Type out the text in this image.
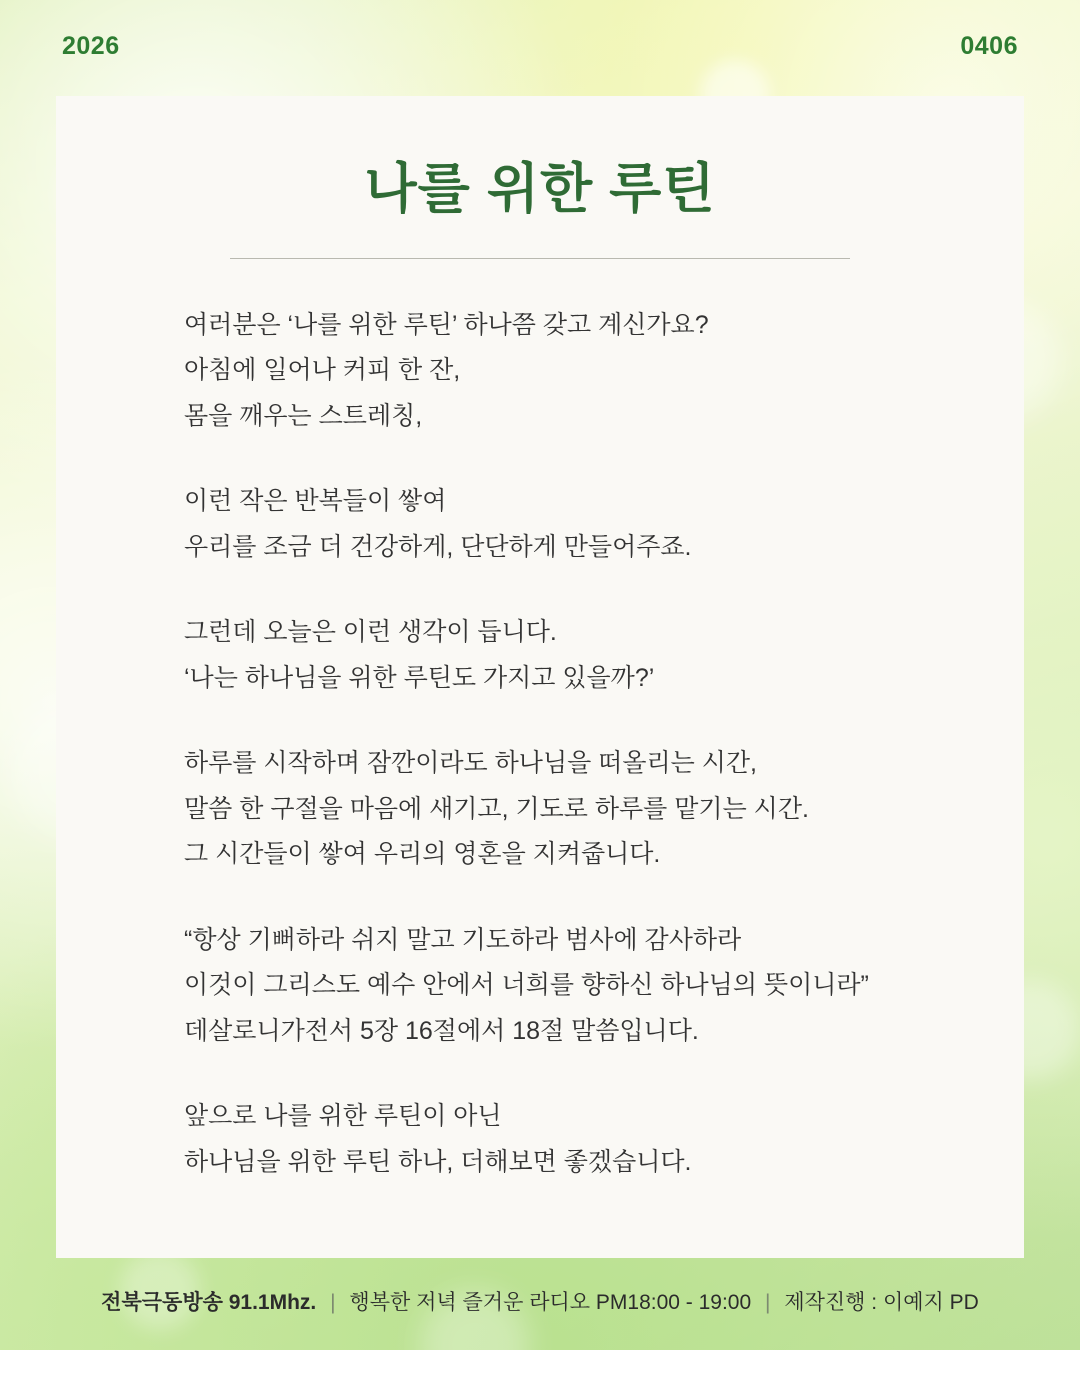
2026	0406
나를 위한 루틴
여러분은 ‘나를 위한 루틴’ 하나쯤 갖고 계신가요?
아침에 일어나 커피 한 잔,
몸을 깨우는 스트레칭,
이런 작은 반복들이 쌓여
우리를 조금 더 건강하게, 단단하게 만들어주죠.
그런데 오늘은 이런 생각이 듭니다.
‘나는 하나님을 위한 루틴도 가지고 있을까?’
하루를 시작하며 잠깐이라도 하나님을 떠올리는 시간,
말씀 한 구절을 마음에 새기고, 기도로 하루를 맡기는 시간.
그 시간들이 쌓여 우리의 영혼을 지켜줍니다.
“항상 기뻐하라 쉬지 말고 기도하라 범사에 감사하라
이것이 그리스도 예수 안에서 너희를 향하신 하나님의 뜻이니라”
데살로니가전서 5장 16절에서 18절 말씀입니다.
앞으로 나를 위한 루틴이 아닌
하나님을 위한 루틴 하나, 더해보면 좋겠습니다.
전북극동방송 91.1Mhz. | 행복한 저녁 즐거운 라디오 PM18:00 - 19:00 | 제작진행 : 이예지 PD
